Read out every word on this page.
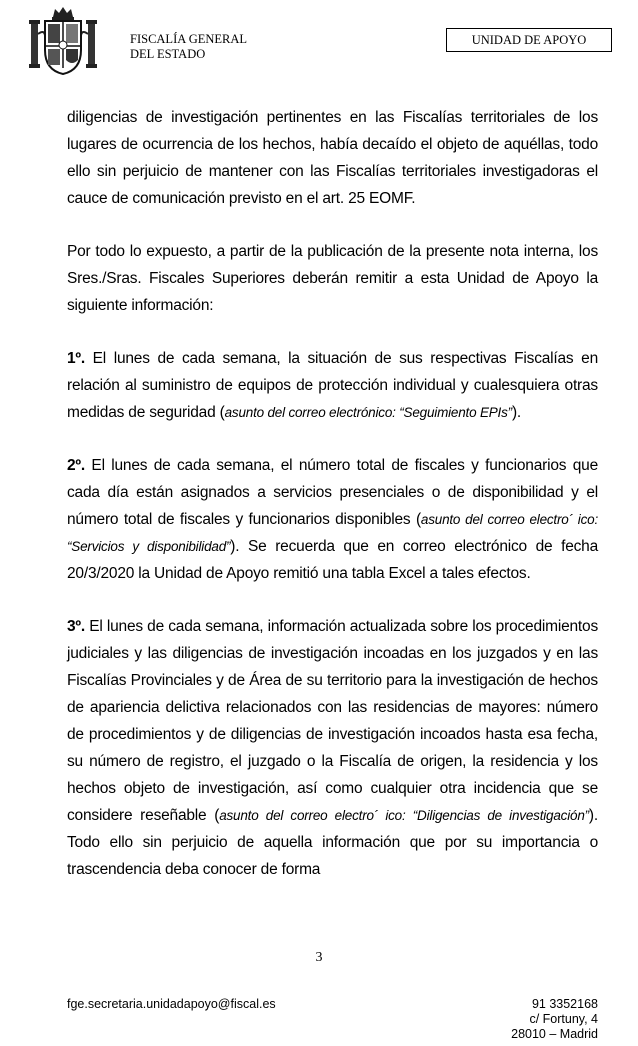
FISCALÍA GENERAL
DEL ESTADO
UNIDAD DE APOYO

diligencias de investigación pertinentes en las Fiscalías territoriales de los lugares de ocurrencia de los hechos, había decaído el objeto de aquéllas, todo ello sin perjuicio de mantener con las Fiscalías territoriales investigadoras el cauce de comunicación previsto en el art. 25 EOMF.

Por todo lo expuesto, a partir de la publicación de la presente nota interna, los Sres./Sras. Fiscales Superiores deberán remitir a esta Unidad de Apoyo la siguiente información:

1º. El lunes de cada semana, la situación de sus respectivas Fiscalías en relación al suministro de equipos de protección individual y cualesquiera otras medidas de seguridad (asunto del correo electrónico: “Seguimiento EPIs”).

2º. El lunes de cada semana, el número total de fiscales y funcionarios que cada día están asignados a servicios presenciales o de disponibilidad y el número total de fiscales y funcionarios disponibles (asunto del correo electro´ ico: “Servicios y disponibilidad”). Se recuerda que en correo electrónico de fecha 20/3/2020 la Unidad de Apoyo remitió una tabla Excel a tales efectos.

3º. El lunes de cada semana, información actualizada sobre los procedimientos judiciales y las diligencias de investigación incoadas en los juzgados y en las Fiscalías Provinciales y de Área de su territorio para la investigación de hechos de apariencia delictiva relacionados con las residencias de mayores: número de procedimientos y de diligencias de investigación incoados hasta esa fecha, su número de registro, el juzgado o la Fiscalía de origen, la residencia y los hechos objeto de investigación, así como cualquier otra incidencia que se considere reseñable (asunto del correo electro´ ico: “Diligencias de investigación”). Todo ello sin perjuicio de aquella información que por su importancia o trascendencia deba conocer de forma

3
fge.secretaria.unidadapoyo@fiscal.es	91 3352168
c/ Fortuny, 4
28010 – Madrid
